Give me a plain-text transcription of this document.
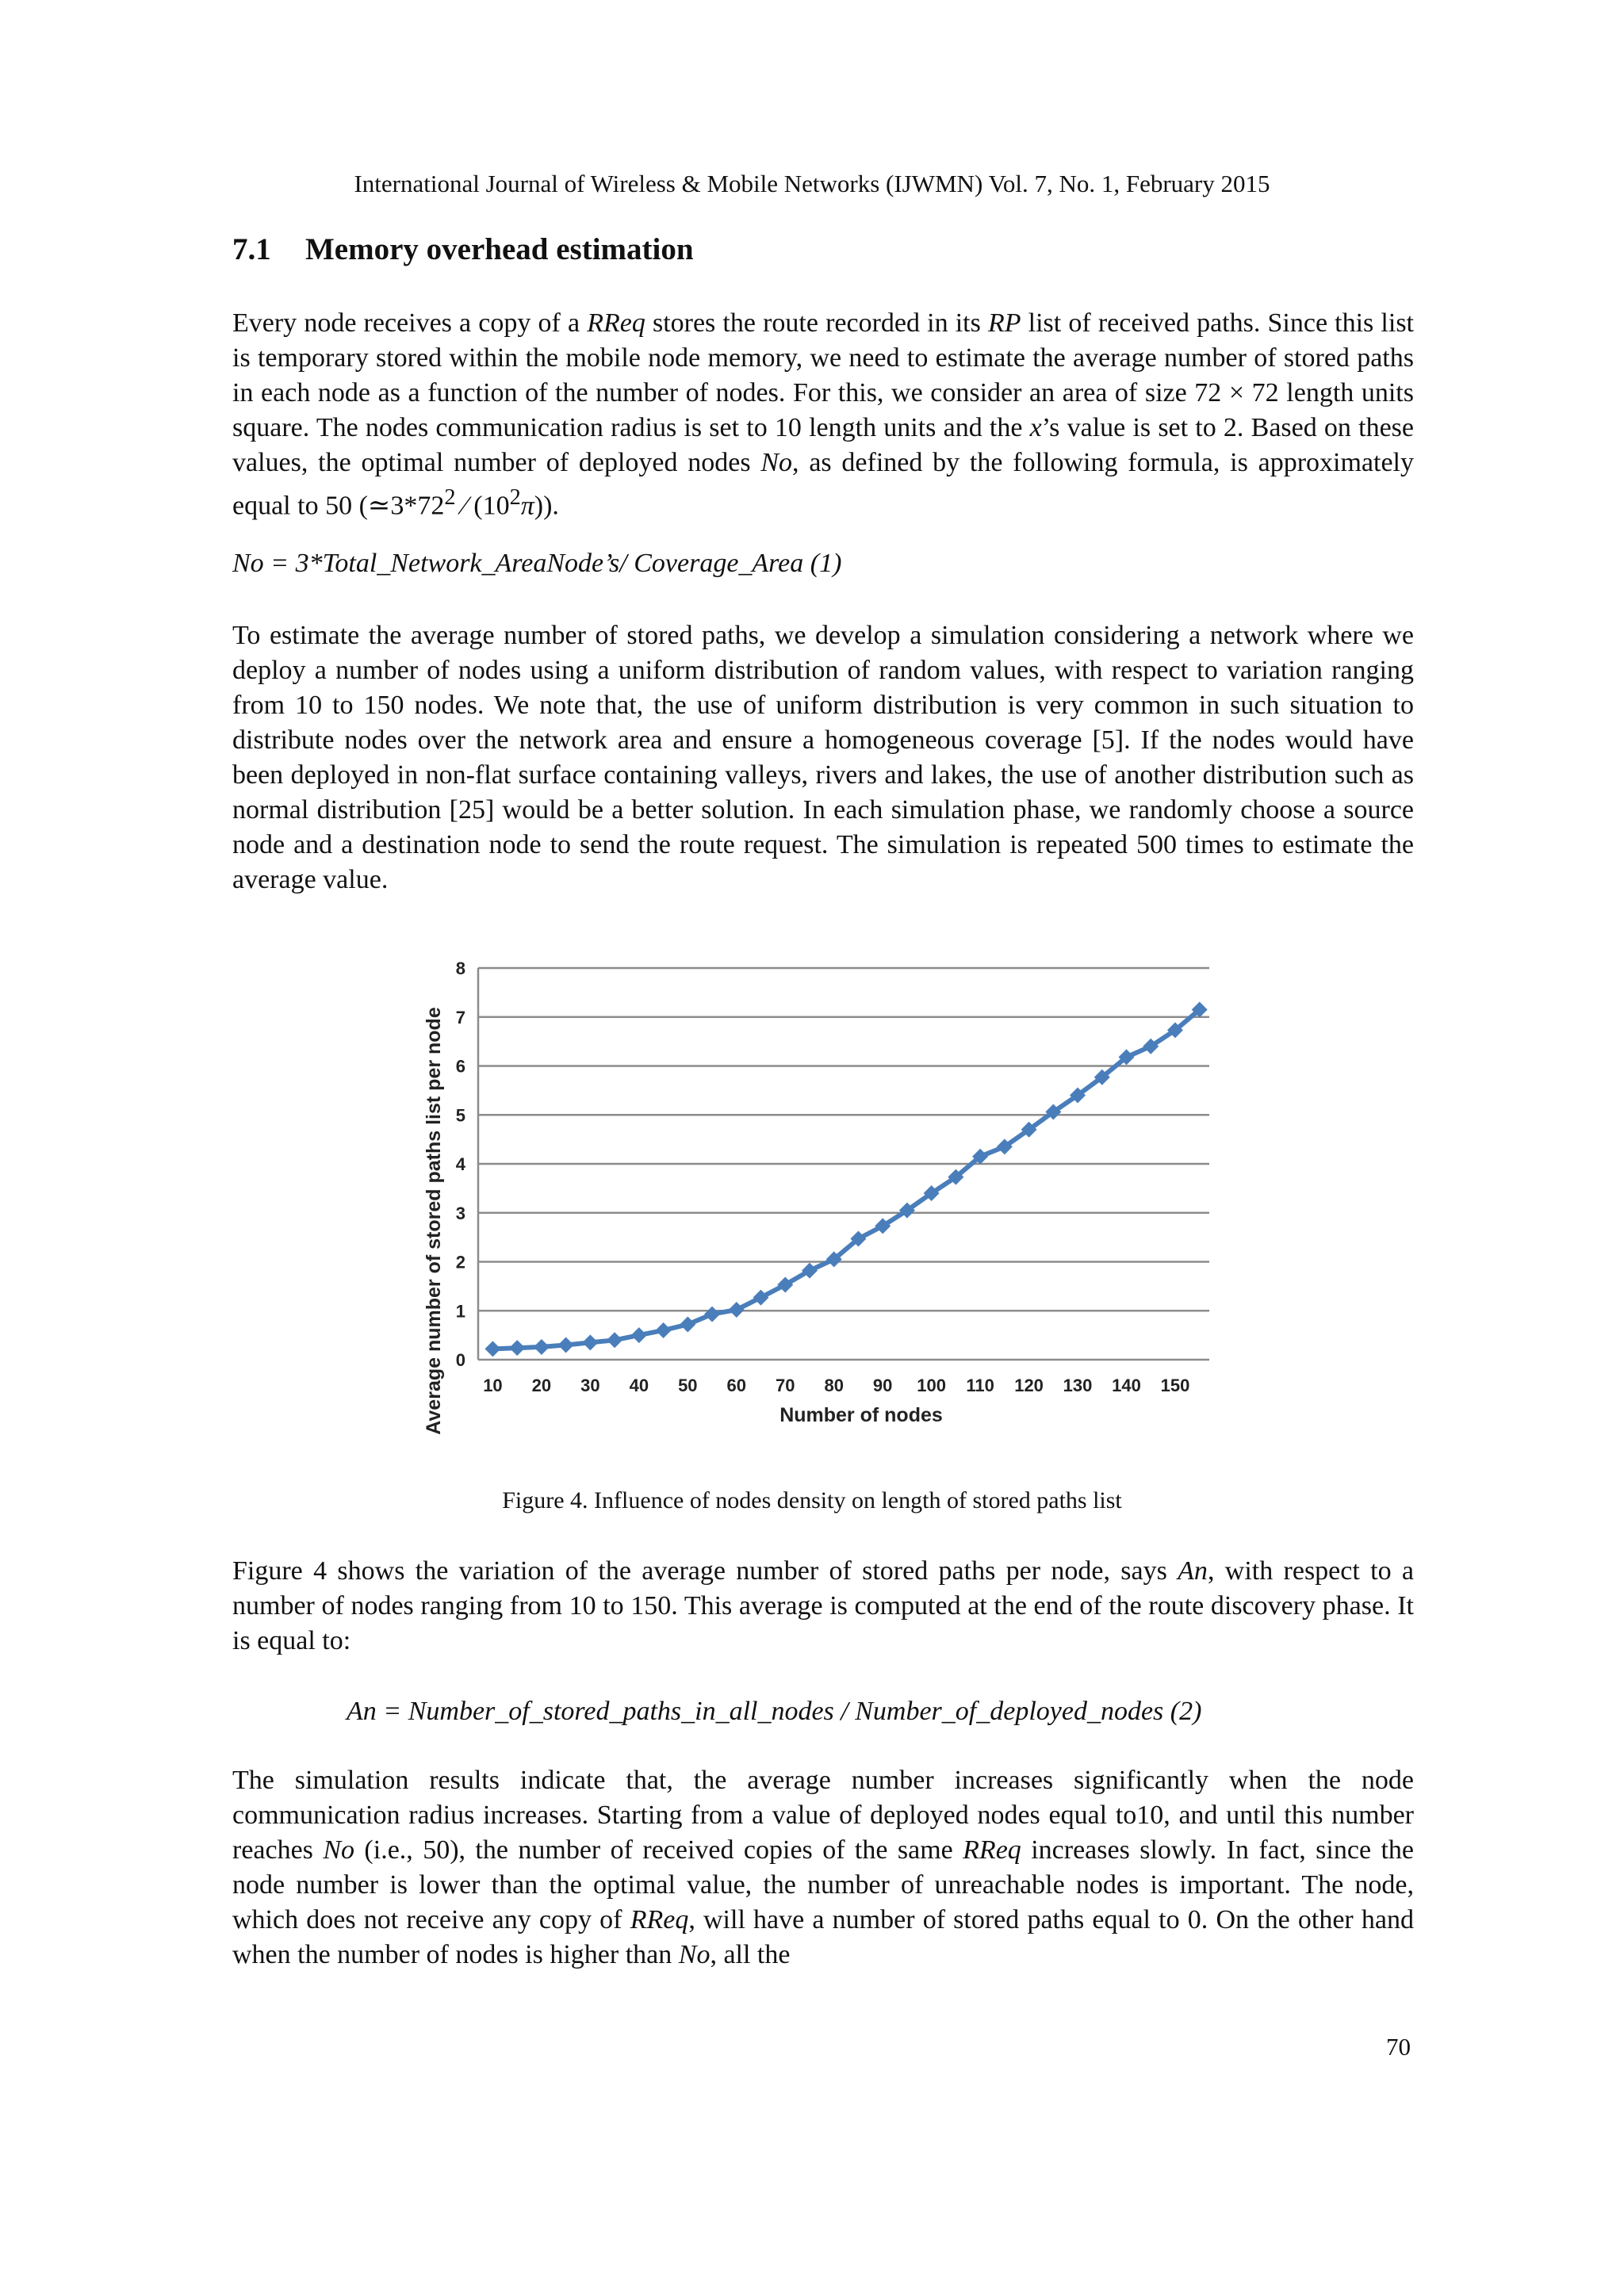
International Journal of Wireless & Mobile Networks (IJWMN) Vol. 7, No. 1, February 2015
7.1 Memory overhead estimation

Every node receives a copy of a RReq stores the route recorded in its RP list of received paths. Since this list is temporary stored within the mobile node memory, we need to estimate the average number of stored paths in each node as a function of the number of nodes. For this, we consider an area of size 72 × 72 length units square. The nodes communication radius is set to 10 length units and the x’s value is set to 2. Based on these values, the optimal number of deployed nodes No, as defined by the following formula, is approximately equal to 50 ($≃3*72^2$ ⁄ $(10^2\pi)$).

No = 3*Total_Network_AreaNode’s/ Coverage_Area (1)

To estimate the average number of stored paths, we develop a simulation considering a network where we deploy a number of nodes using a uniform distribution of random values, with respect to variation ranging from 10 to 150 nodes. We note that, the use of uniform distribution is very common in such situation to distribute nodes over the network area and ensure a homogeneous coverage [5]. If the nodes would have been deployed in non-flat surface containing valleys, rivers and lakes, the use of another distribution such as normal distribution [25] would be a better solution. In each simulation phase, we randomly choose a source node and a destination node to send the route request. The simulation is repeated 500 times to estimate the average value.

0
1
2
3
4
5
6
7
8
10 20 30 40 50 60 70 80 90 100 110 120 130 140 150
Average number of stored paths list per node	Number of nodes
Figure 4. Influence of nodes density on length of stored paths list

Figure 4 shows the variation of the average number of stored paths per node, says An, with respect to a number of nodes ranging from 10 to 150. This average is computed at the end of the route discovery phase. It is equal to:

An = Number_of_stored_paths_in_all_nodes / Number_of_deployed_nodes (2)

The simulation results indicate that, the average number increases significantly when the node communication radius increases. Starting from a value of deployed nodes equal to10, and until this number reaches No (i.e., 50), the number of received copies of the same RReq increases slowly. In fact, since the node number is lower than the optimal value, the number of unreachable nodes is important. The node, which does not receive any copy of RReq, will have a number of stored paths equal to 0. On the other hand when the number of nodes is higher than No, all the

70
